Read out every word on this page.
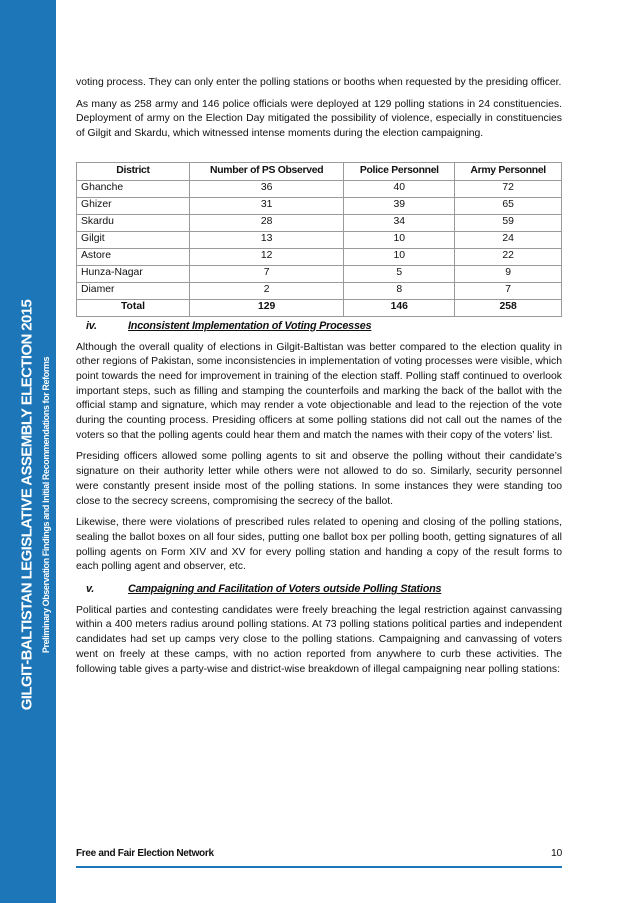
GILGIT-BALTISTAN LEGISLATIVE ASSEMBLY ELECTION 2015 Preliminary Observation Findings and Initial Recommendations for Reforms

voting process. They can only enter the polling stations or booths when requested by the presiding officer.

As many as 258 army and 146 police officials were deployed at 129 polling stations in 24 constituencies. Deployment of army on the Election Day mitigated the possibility of violence, especially in constituencies of Gilgit and Skardu, which witnessed intense moments during the election campaigning.

District	Number of PS Observed	Police Personnel	Army Personnel
Ghanche	36	40	72
Ghizer	31	39	65
Skardu	28	34	59
Gilgit	13	10	24
Astore	12	10	22
Hunza-Nagar	7	5	9
Diamer	2	8	7
Total	129	146	258
iv.	Inconsistent Implementation of Voting Processes

Although the overall quality of elections in Gilgit-Baltistan was better compared to the election quality in other regions of Pakistan, some inconsistencies in implementation of voting processes were visible, which point towards the need for improvement in training of the election staff. Polling staff continued to overlook important steps, such as filling and stamping the counterfoils and marking the back of the ballot with the official stamp and signature, which may render a vote objectionable and lead to the rejection of the vote during the counting process. Presiding officers at some polling stations did not call out the names of the voters so that the polling agents could hear them and match the names with their copy of the voters’ list.

Presiding officers allowed some polling agents to sit and observe the polling without their candidate’s signature on their authority letter while others were not allowed to do so. Similarly, security personnel were constantly present inside most of the polling stations. In some instances they were standing too close to the secrecy screens, compromising the secrecy of the ballot.

Likewise, there were violations of prescribed rules related to opening and closing of the polling stations, sealing the ballot boxes on all four sides, putting one ballot box per polling booth, getting signatures of all polling agents on Form XIV and XV for every polling station and handing a copy of the result forms to each polling agent and observer, etc.

v.	Campaigning and Facilitation of Voters outside Polling Stations

Political parties and contesting candidates were freely breaching the legal restriction against canvassing within a 400 meters radius around polling stations. At 73 polling stations political parties and independent candidates had set up camps very close to the polling stations. Campaigning and canvassing of voters went on freely at these camps, with no action reported from anywhere to curb these activities. The following table gives a party-wise and district-wise breakdown of illegal campaigning near polling stations:

Free and Fair Election Network	10
